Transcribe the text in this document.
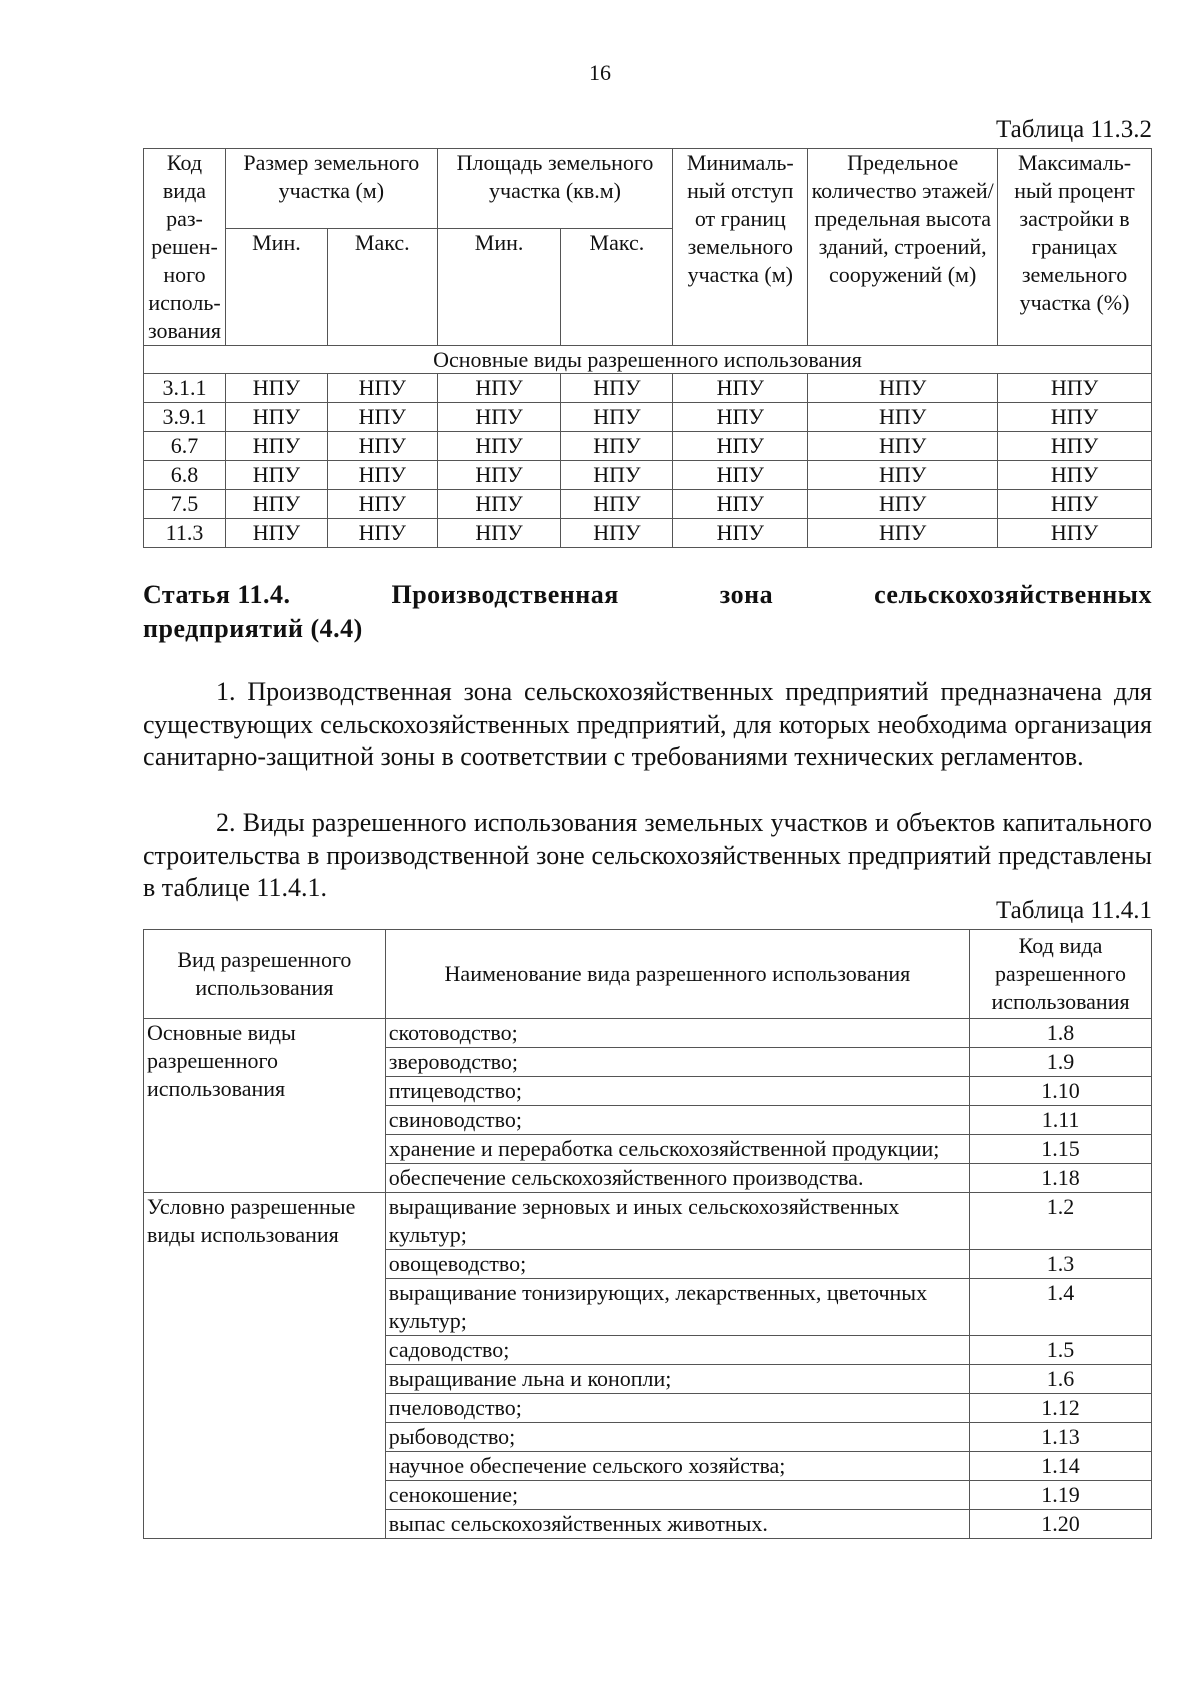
16
Таблица 11.3.2
Код вида раз-решен-ного исполь-зования	Размер земельного участка (м)		Площадь земельного участка (кв.м)		Минималь-ный отступ от границ земельного участка (м)	Предельное количество этажей/ предельная высота зданий, строений, сооружений (м)	Максималь-ный процент застройки в границах земельного участка (%)
	Мин.	Макс.	Мин.	Макс.			
Основные виды разрешенного использования							
3.1.1	НПУ	НПУ	НПУ	НПУ	НПУ	НПУ	НПУ
3.9.1	НПУ	НПУ	НПУ	НПУ	НПУ	НПУ	НПУ
6.7	НПУ	НПУ	НПУ	НПУ	НПУ	НПУ	НПУ
6.8	НПУ	НПУ	НПУ	НПУ	НПУ	НПУ	НПУ
7.5	НПУ	НПУ	НПУ	НПУ	НПУ	НПУ	НПУ
11.3	НПУ	НПУ	НПУ	НПУ	НПУ	НПУ	НПУ
Статья 11.4.	Производственная	зона	сельскохозяйственных
предприятий (4.4)
1. Производственная зона сельскохозяйственных предприятий предназначена для существующих сельскохозяйственных предприятий, для которых необходима организация санитарно-защитной зоны в соответствии с требованиями технических регламентов.
2. Виды разрешенного использования земельных участков и объектов капитального строительства в производственной зоне сельскохозяйственных предприятий представлены в таблице 11.4.1.
Таблица 11.4.1
Вид разрешенного использования	Наименование вида разрешенного использования	Код вида разрешенного использования
Основные виды разрешенного использования	скотоводство;	1.8
	звероводство;	1.9
	птицеводство;	1.10
	свиноводство;	1.11
	хранение и переработка сельскохозяйственной продукции;	1.15
	обеспечение сельскохозяйственного производства.	1.18
Условно разрешенные виды использования	выращивание зерновых и иных сельскохозяйственных культур;	1.2
	овощеводство;	1.3
	выращивание тонизирующих, лекарственных, цветочных культур;	1.4
	садоводство;	1.5
	выращивание льна и конопли;	1.6
	пчеловодство;	1.12
	рыбоводство;	1.13
	научное обеспечение сельского хозяйства;	1.14
	сенокошение;	1.19
	выпас сельскохозяйственных животных.	1.20
